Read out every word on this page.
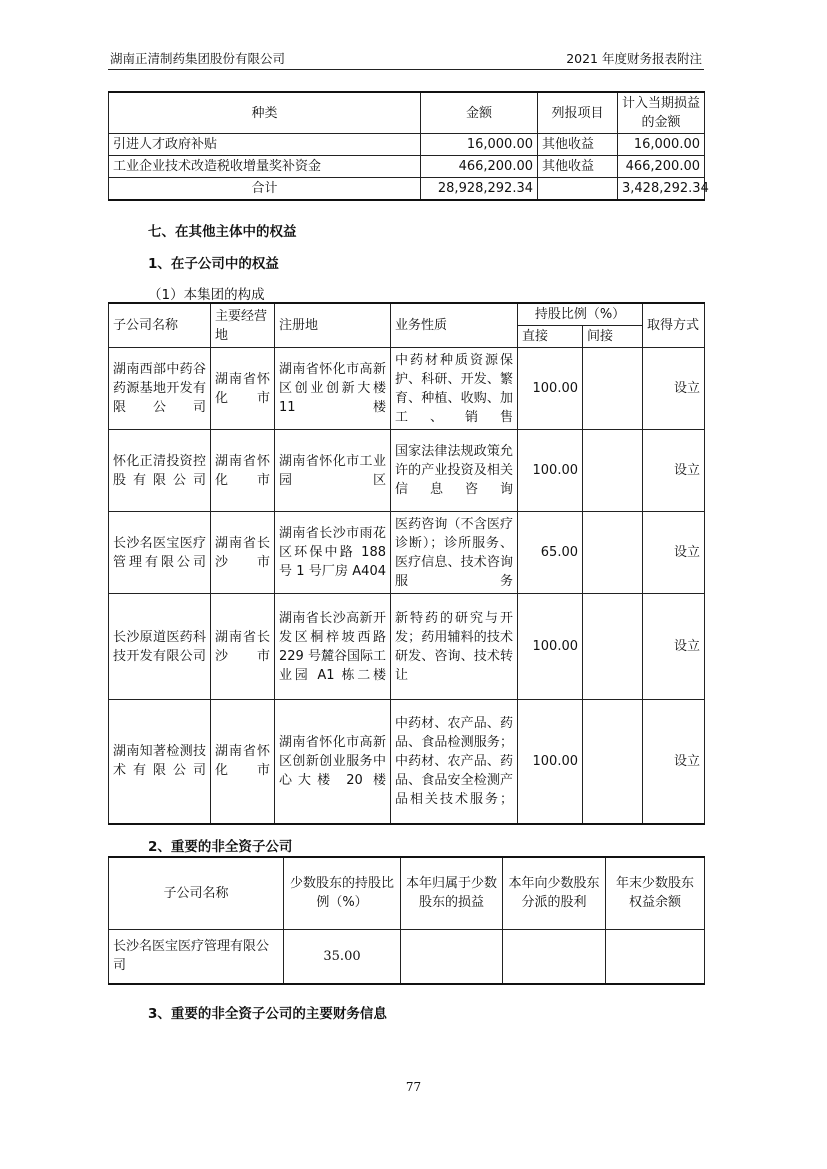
湖南正清制药集团股份有限公司	2021 年度财务报表附注
种类	金额	列报项目	计入当期损益的金额
引进人才政府补贴	16,000.00	其他收益	16,000.00
工业企业技术改造税收增量奖补资金	466,200.00	其他收益	466,200.00
合计	28,928,292.34		3,428,292.34
七、在其他主体中的权益
1、在子公司中的权益
（1）本集团的构成
子公司名称	主要经营地	注册地	业务性质	持股比例（%）		取得方式
				直接	间接	
湖南西部中药谷药源基地开发有限公司	湖南省怀化市	湖南省怀化市高新区创业创新大楼 11 楼	中药材种质资源保护、科研、开发、繁育、种植、收购、加工、销售	100.00		设立
怀化正清投资控股有限公司	湖南省怀化市	湖南省怀化市工业园区	国家法律法规政策允许的产业投资及相关信息咨询	100.00		设立
长沙名医宝医疗管理有限公司	湖南省长沙市	湖南省长沙市雨花区环保中路 188 号 1 号厂房 A404	医药咨询（不含医疗诊断）；诊所服务、医疗信息、技术咨询服务	65.00		设立
长沙原道医药科技开发有限公司	湖南省长沙市	湖南省长沙高新开发区桐梓坡西路 229 号麓谷国际工业园 A1 栋二楼	新特药的研究与开发；药用辅料的技术研发、咨询、技术转让	100.00		设立
湖南知著检测技术有限公司	湖南省怀化市	湖南省怀化市高新区创新创业服务中心大楼 20 楼	中药材、农产品、药品、食品检测服务；中药材、农产品、药品、食品安全检测产品相关技术服务；	100.00		设立
2、重要的非全资子公司
子公司名称	少数股东的持股比例（%）	本年归属于少数股东的损益	本年向少数股东分派的股利	年末少数股东权益余额
长沙名医宝医疗管理有限公司	35.00			
3、重要的非全资子公司的主要财务信息
77
